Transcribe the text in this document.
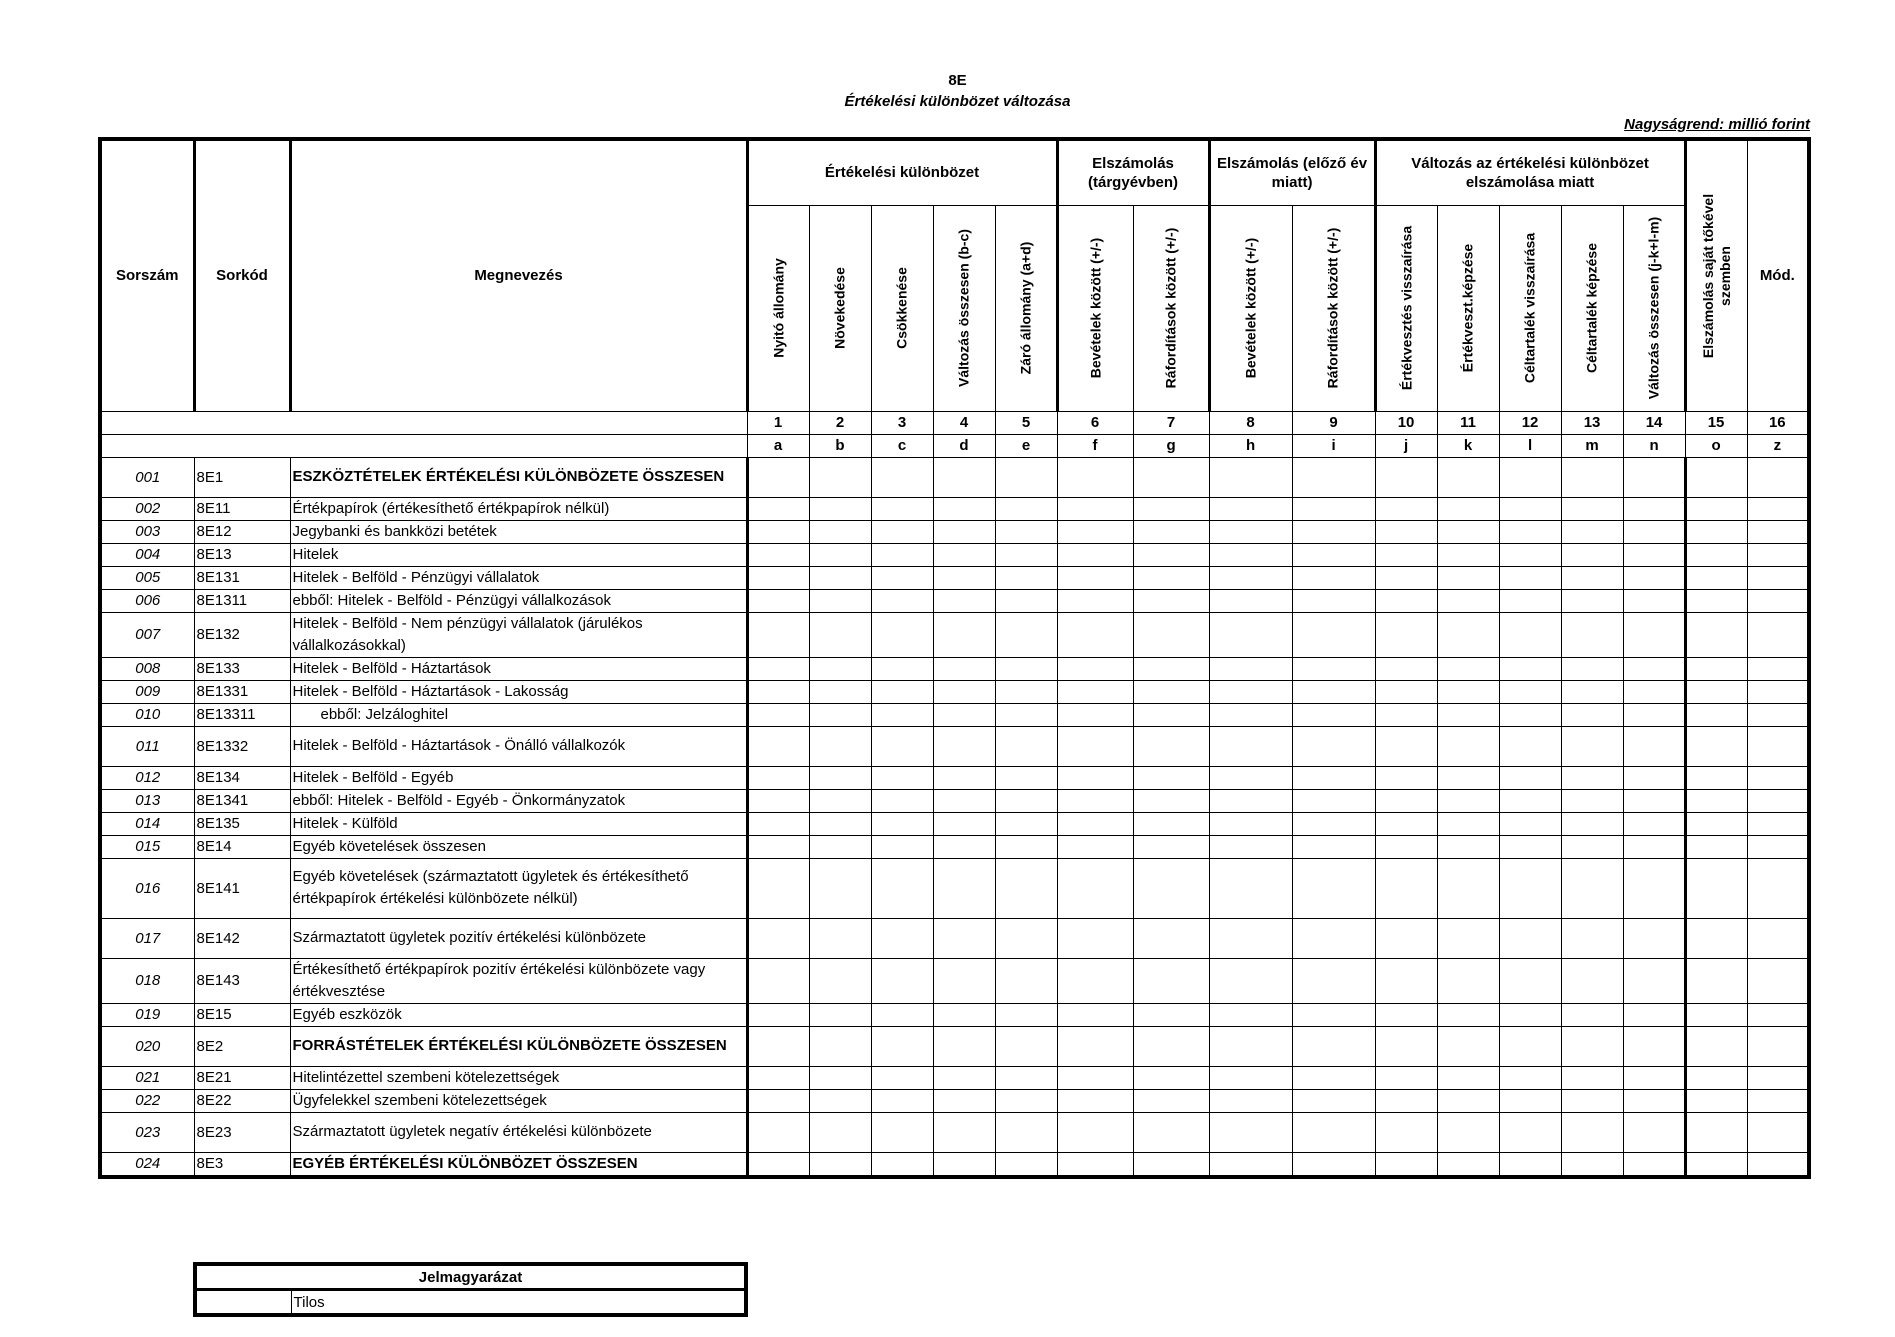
8E
Értékelési különbözet változása
Nagyságrend: millió forint
Sorszám	Sorkód	Megnevezés	Értékelési különbözet					Elszámolás (tárgyévben)		Elszámolás (előző év miatt)		Változás az értékelési különbözet elszámolása miatt					Elszámolás saját tőkével szemben	Mód.

			Nyitó állomány	Növekedése	Csökkenése	Változás összesen (b-c)	Záró állomány (a+d)	Bevételek között (+/-)	Ráfordítások között (+/-)	Bevételek között (+/-)	Ráfordítások között (+/-)	Értékvesztés visszaírása	Értékveszt.képzése	Céltartalék visszaírása	Céltartalék képzése	Változás összesen (j-k+l-m)		

			1	2	3	4	5	6	7	8	9	10	11	12	13	14	15	16
			a	b	c	d	e	f	g	h	i	j	k	l	m	n	o	z
001	8E1	ESZKÖZTÉTELEK ÉRTÉKELÉSI KÜLÖNBÖZETE ÖSSZESEN																
002	8E11	Értékpapírok (értékesíthető értékpapírok nélkül)																
003	8E12	Jegybanki és bankközi betétek																
004	8E13	Hitelek																
005	8E131	Hitelek - Belföld - Pénzügyi vállalatok																
006	8E1311	ebből: Hitelek - Belföld - Pénzügyi vállalkozások																
007	8E132	Hitelek - Belföld - Nem pénzügyi vállalatok (járulékos vállalkozásokkal)																
008	8E133	Hitelek - Belföld - Háztartások																
009	8E1331	Hitelek - Belföld - Háztartások - Lakosság																
010	8E13311	ebből: Jelzáloghitel																
011	8E1332	Hitelek - Belföld - Háztartások - Önálló vállalkozók																
012	8E134	Hitelek - Belföld - Egyéb																
013	8E1341	ebből: Hitelek - Belföld - Egyéb - Önkormányzatok																
014	8E135	Hitelek - Külföld																
015	8E14	Egyéb követelések összesen																
016	8E141	Egyéb követelések (származtatott ügyletek és értékesíthető értékpapírok értékelési különbözete nélkül)																
017	8E142	Származtatott ügyletek pozitív értékelési különbözete																
018	8E143	Értékesíthető értékpapírok pozitív értékelési különbözete vagy értékvesztése																
019	8E15	Egyéb eszközök																
020	8E2	FORRÁSTÉTELEK ÉRTÉKELÉSI KÜLÖNBÖZETE ÖSSZESEN																
021	8E21	Hitelintézettel szembeni kötelezettségek																
022	8E22	Ügyfelekkel szembeni kötelezettségek																
023	8E23	Származtatott ügyletek negatív értékelési különbözete																
024	8E3	EGYÉB ÉRTÉKELÉSI KÜLÖNBÖZET ÖSSZESEN																
Jelmagyarázat
	Tilos
